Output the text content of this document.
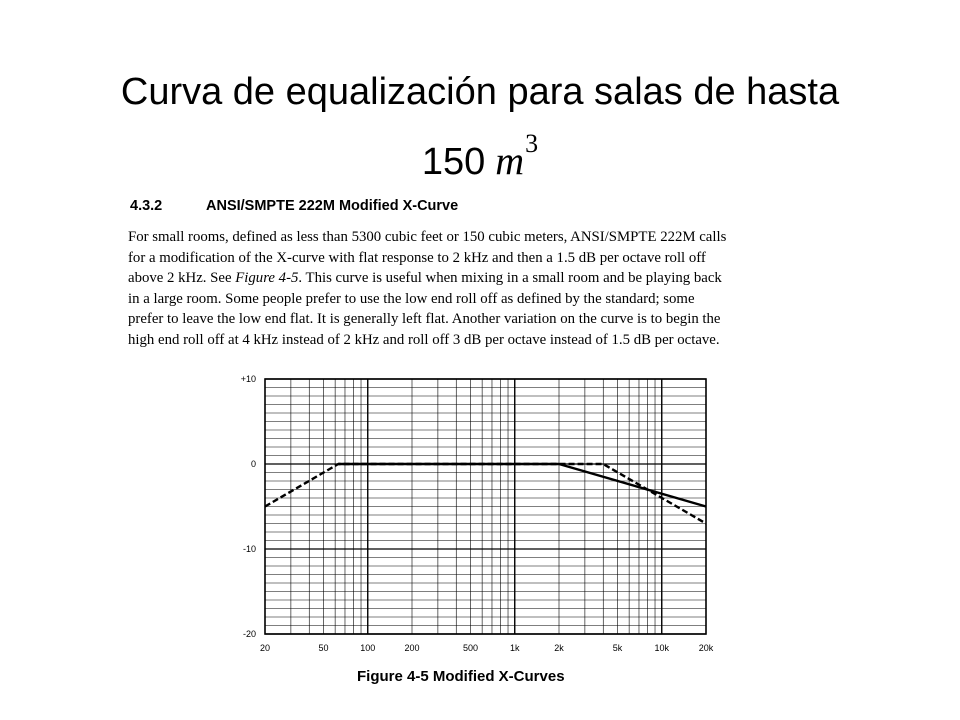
Curva de equalización para salas de hasta
150 $m^3$
4.3.2	ANSI/SMPTE 222M Modified X-Curve
For small rooms, defined as less than 5300 cubic feet or 150 cubic meters, ANSI/SMPTE 222M calls
for a modification of the X-curve with flat response to 2 kHz and then a 1.5 dB per octave roll off
above 2 kHz. See Figure 4-5. This curve is useful when mixing in a small room and be playing back
in a large room. Some people prefer to use the low end roll off as defined by the standard; some
prefer to leave the low end flat. It is generally left flat. Another variation on the curve is to begin the
high end roll off at 4 kHz instead of 2 kHz and roll off 3 dB per octave instead of 1.5 dB per octave.
+10
0
-10
-20
20	50	100	200	500	1k	2k	5k	10k	20k
Figure 4-5 Modified X-Curves
